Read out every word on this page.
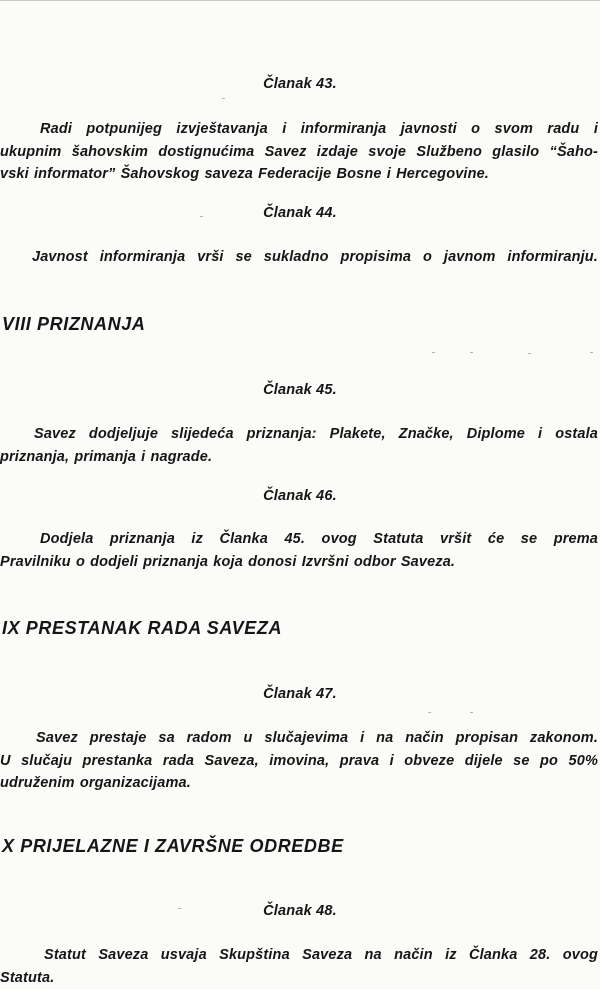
Članak 43.
Radi potpunijeg izvještavanja i informiranja javnosti o svom radu i
ukupnim šahovskim dostignućima Savez izdaje svoje Službeno glasilo “Šaho-
vski informator” Šahovskog saveza Federacije Bosne i Hercegovine.
Članak 44.
Javnost informiranja vrši se sukladno propisima o javnom informiranju.
VIII PRIZNANJA
Članak 45.
Savez dodjeljuje slijedeća priznanja: Plakete, Značke, Diplome i ostala
priznanja, primanja i nagrade.
Članak 46.
Dodjela priznanja iz Članka 45. ovog Statuta vršit će se prema
Pravilniku o dodjeli priznanja koja donosi Izvršni odbor Saveza.
IX PRESTANAK RADA SAVEZA
Članak 47.
Savez prestaje sa radom u slučajevima i na način propisan zakonom.
U slučaju prestanka rada Saveza, imovina, prava i obveze dijele se po 50%
udruženim organizacijama.
X PRIJELAZNE I ZAVRŠNE ODREDBE
Članak 48.
Statut Saveza usvaja Skupština Saveza na način iz Članka 28. ovog
Statuta.
